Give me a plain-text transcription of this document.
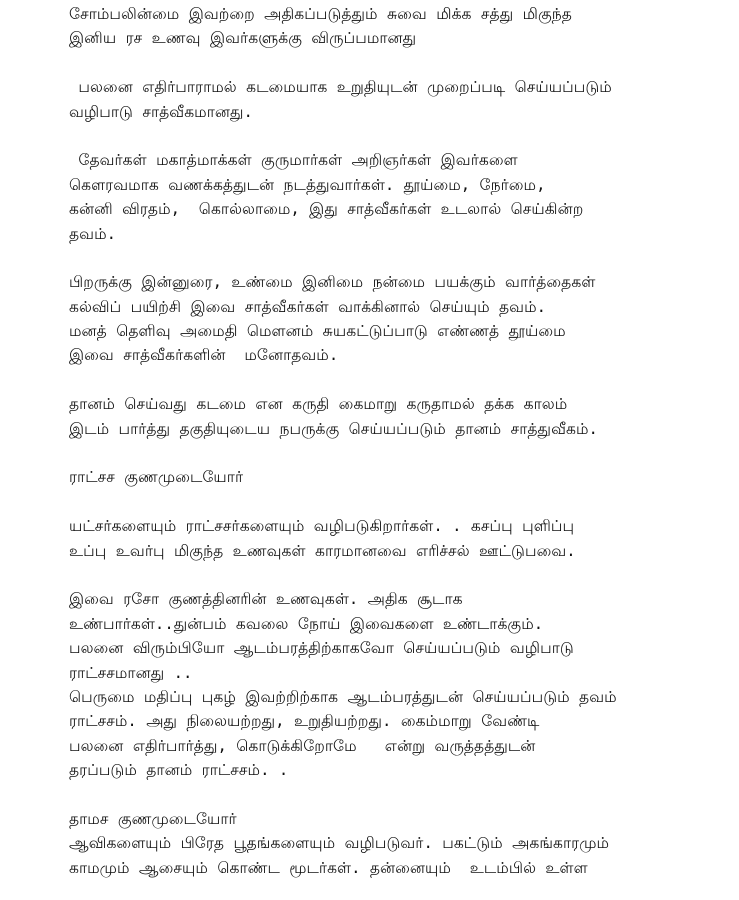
சோம்பலின்மை இவற்றை அதிகப்படுத்தும் சுவை மிக்க சத்து மிகுந்த
இனிய ரச உணவு இவர்களுக்கு விருப்பமானது
பலனை எதிர்பாராமல் கடமையாக உறுதியுடன் முறைப்படி செய்யப்படும்
வழிபாடு சாத்வீகமானது.
தேவர்கள் மகாத்மாக்கள் குருமார்கள் அறிஞர்கள் இவர்களை
கௌரவமாக வணக்கத்துடன் நடத்துவார்கள். தூய்மை, நேர்மை,
கன்னி விரதம்,  கொல்லாமை, இது சாத்வீகர்கள் உடலால் செய்கின்ற
தவம்.
பிறருக்கு இன்னுரை, உண்மை இனிமை நன்மை பயக்கும் வார்த்தைகள்
கல்விப் பயிற்சி இவை சாத்வீகர்கள் வாக்கினால் செய்யும் தவம்.
மனத் தெளிவு அமைதி மௌனம் சுயகட்டுப்பாடு எண்ணத் தூய்மை
இவை சாத்வீகர்களின்  மனோதவம்.
தானம் செய்வது கடமை என கருதி கைமாறு கருதாமல் தக்க காலம்
இடம் பார்த்து தகுதியுடைய நபருக்கு செய்யப்படும் தானம் சாத்துவீகம்.
ராட்சச குணமுடையோர்
யட்சர்களையும் ராட்சசர்களையும் வழிபடுகிறார்கள். . கசப்பு புளிப்பு
உப்பு உவர்பு மிகுந்த உணவுகள் காரமானவை எரிச்சல் ஊட்டுபவை.
இவை ரசோ குணத்தினரின் உணவுகள். அதிக சூடாக
உண்பார்கள்..துன்பம் கவலை நோய் இவைகளை உண்டாக்கும்.
பலனை விரும்பியோ ஆடம்பரத்திற்காகவோ செய்யப்படும் வழிபாடு
ராட்சசமானது ..
பெருமை மதிப்பு புகழ் இவற்றிற்காக ஆடம்பரத்துடன் செய்யப்படும் தவம்
ராட்சசம். அது நிலையற்றது, உறுதியற்றது. கைம்மாறு வேண்டி
பலனை எதிர்பார்த்து, கொடுக்கிறோமே   என்று வருத்தத்துடன்
தரப்படும் தானம் ராட்சசம். .
தாமச குணமுடையோர்
ஆவிகளையும் பிரேத பூதங்களையும் வழிபடுவர். பகட்டும் அகங்காரமும்
காமமும் ஆசையும் கொண்ட மூடர்கள். தன்னையும்  உடம்பில் உள்ள
